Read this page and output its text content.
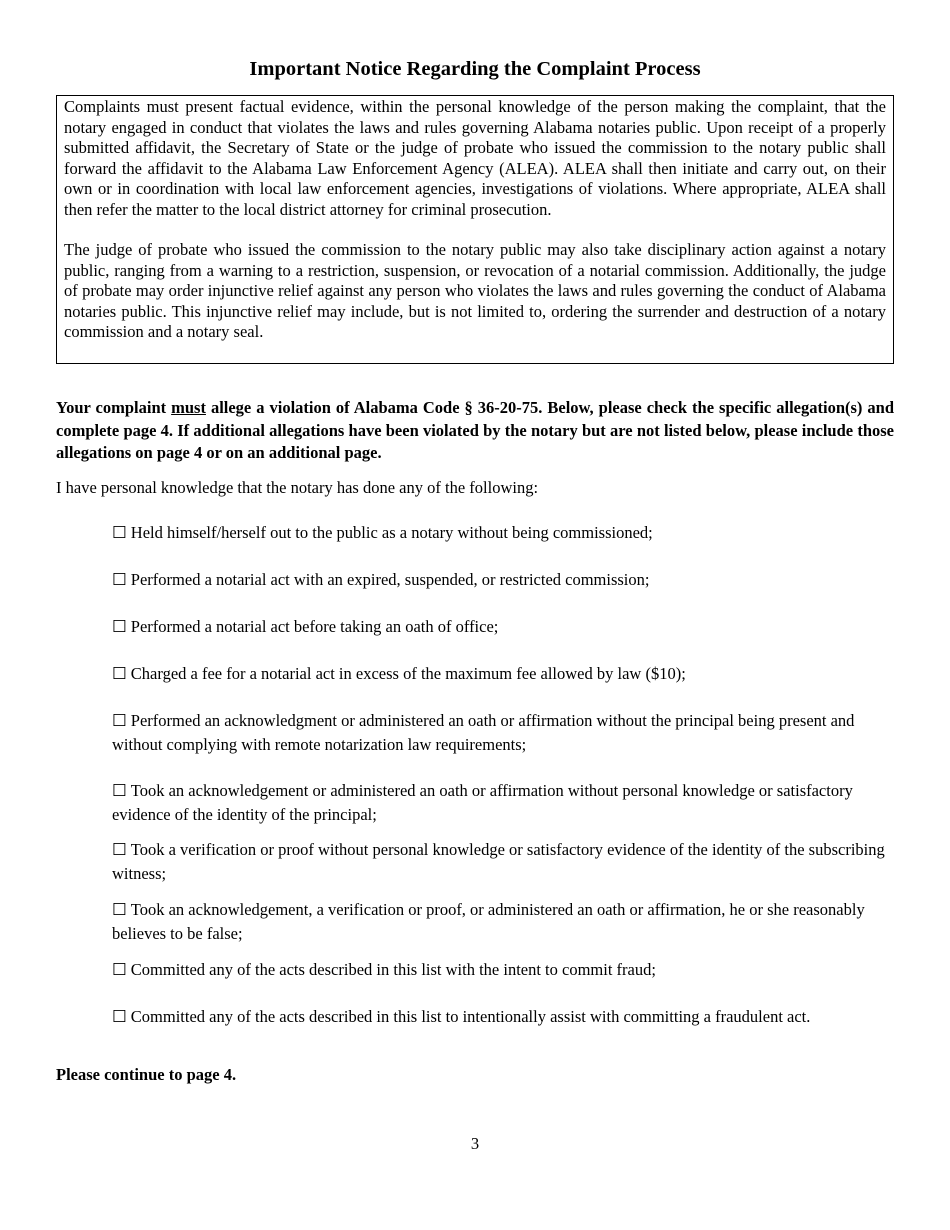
Important Notice Regarding the Complaint Process

Complaints must present factual evidence, within the personal knowledge of the person making the complaint, that the notary engaged in conduct that violates the laws and rules governing Alabama notaries public. Upon receipt of a properly submitted affidavit, the Secretary of State or the judge of probate who issued the commission to the notary public shall forward the affidavit to the Alabama Law Enforcement Agency (ALEA). ALEA shall then initiate and carry out, on their own or in coordination with local law enforcement agencies, investigations of violations. Where appropriate, ALEA shall then refer the matter to the local district attorney for criminal prosecution.

The judge of probate who issued the commission to the notary public may also take disciplinary action against a notary public, ranging from a warning to a restriction, suspension, or revocation of a notarial commission. Additionally, the judge of probate may order injunctive relief against any person who violates the laws and rules governing the conduct of Alabama notaries public. This injunctive relief may include, but is not limited to, ordering the surrender and destruction of a notary commission and a notary seal.

Your complaint must allege a violation of Alabama Code § 36-20-75. Below, please check the specific allegation(s) and complete page 4. If additional allegations have been violated by the notary but are not listed below, please include those allegations on page 4 or on an additional page.

I have personal knowledge that the notary has done any of the following:

☐ Held himself/herself out to the public as a notary without being commissioned;

☐ Performed a notarial act with an expired, suspended, or restricted commission;

☐ Performed a notarial act before taking an oath of office;

☐ Charged a fee for a notarial act in excess of the maximum fee allowed by law ($10);

☐ Performed an acknowledgment or administered an oath or affirmation without the principal being present and without complying with remote notarization law requirements;

☐ Took an acknowledgement or administered an oath or affirmation without personal knowledge or satisfactory evidence of the identity of the principal;

☐ Took a verification or proof without personal knowledge or satisfactory evidence of the identity of the subscribing witness;

☐ Took an acknowledgement, a verification or proof, or administered an oath or affirmation, he or she reasonably believes to be false;

☐ Committed any of the acts described in this list with the intent to commit fraud;

☐ Committed any of the acts described in this list to intentionally assist with committing a fraudulent act.

Please continue to page 4.

3
